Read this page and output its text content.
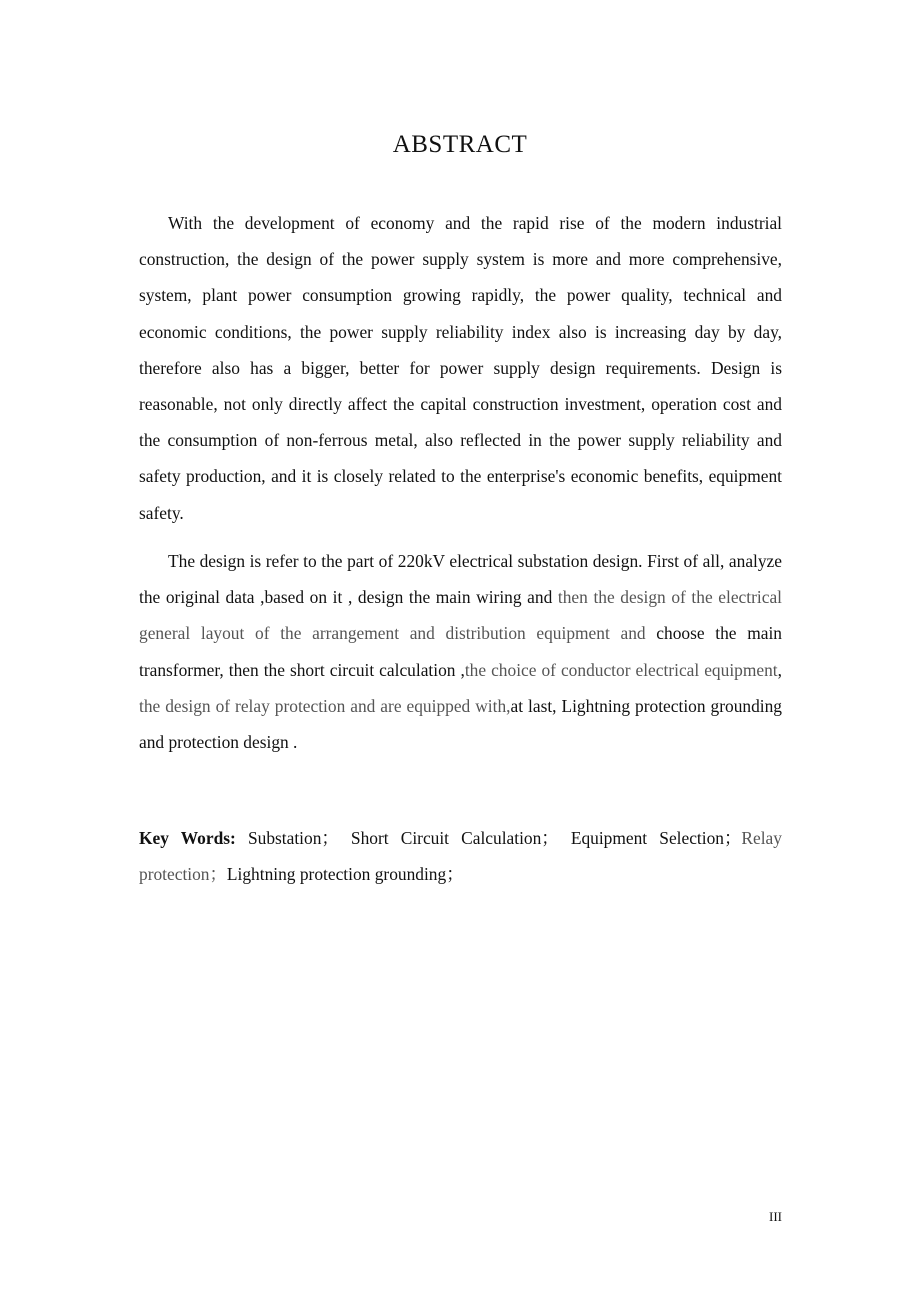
ABSTRACT

With the development of economy and the rapid rise of the modern industrial construction, the design of the power supply system is more and more comprehensive, system, plant power consumption growing rapidly, the power quality, technical and economic conditions, the power supply reliability index also is increasing day by day, therefore also has a bigger, better for power supply design requirements. Design is reasonable, not only directly affect the capital construction investment, operation cost and the consumption of non-ferrous metal, also reflected in the power supply reliability and safety production, and it is closely related to the enterprise's economic benefits, equipment safety.

The design is refer to the part of 220kV electrical substation design. First of all, analyze the original data ,based on it , design the main wiring and then the design of the electrical general layout of the arrangement and distribution equipment and choose the main transformer, then the short circuit calculation ,the choice of conductor electrical equipment, the design of relay protection and are equipped with,at last, Lightning protection grounding and protection design .

Key Words: Substation； Short Circuit Calculation； Equipment Selection；Relay protection；Lightning protection grounding；

III
